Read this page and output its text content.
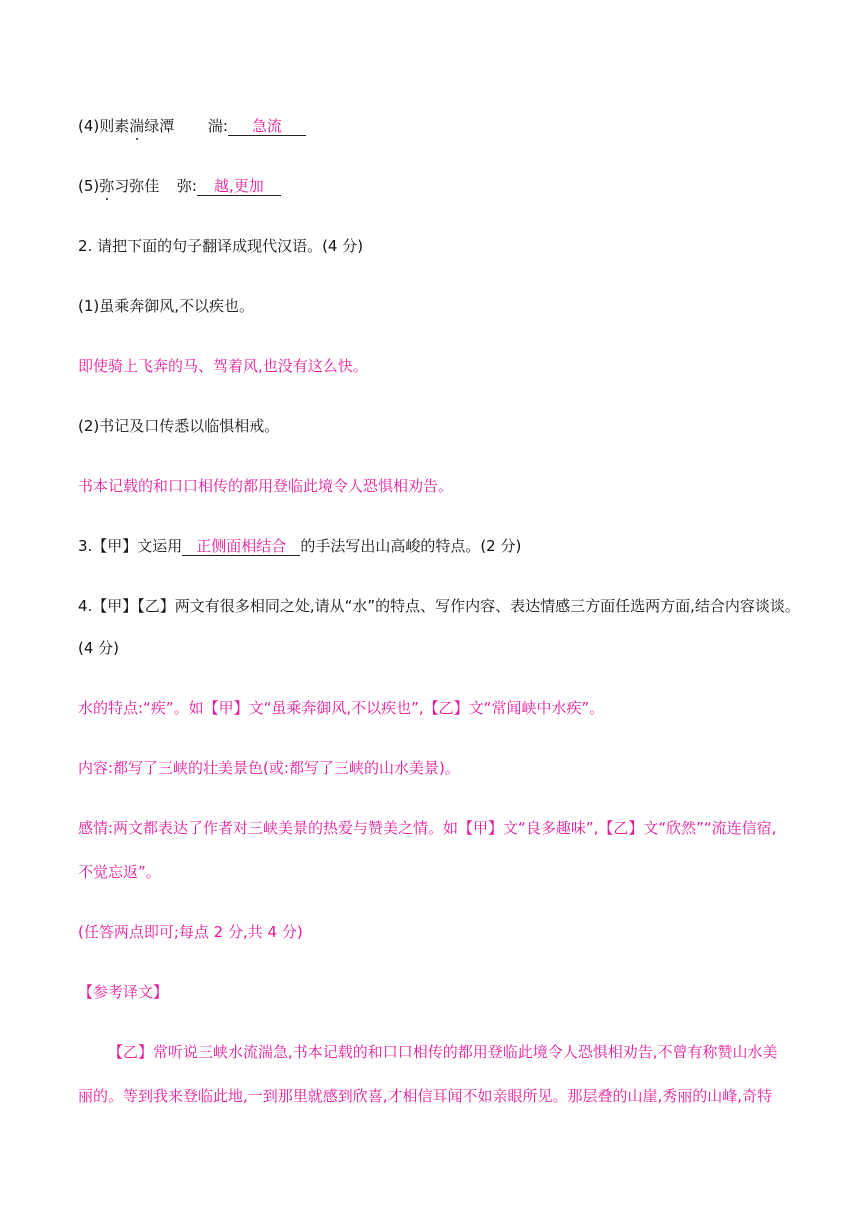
(4)则素湍绿潭 湍: 急流
(5)弥习弥佳 弥: 越,更加
2. 请把下面的句子翻译成现代汉语。(4 分)
(1)虽乘奔御风,不以疾也。
即使骑上飞奔的马、驾着风,也没有这么快。
(2)书记及口传悉以临惧相戒。
书本记载的和口口相传的都用登临此境令人恐惧相劝告。
3.【甲】文运用 正侧面相结合 的手法写出山高峻的特点。(2 分)
4.【甲】【乙】两文有很多相同之处,请从“水”的特点、写作内容、表达情感三方面任选两方面,结合内容谈谈。
(4 分)
水的特点:“疾”。如【甲】文“虽乘奔御风,不以疾也”,【乙】文“常闻峡中水疾”。
内容:都写了三峡的壮美景色(或:都写了三峡的山水美景)。
感情:两文都表达了作者对三峡美景的热爱与赞美之情。如【甲】文“良多趣味”,【乙】文“欣然”“流连信宿,
不觉忘返”。
(任答两点即可;每点 2 分,共 4 分)
【参考译文】
【乙】常听说三峡水流湍急,书本记载的和口口相传的都用登临此境令人恐惧相劝告,不曾有称赞山水美
丽的。等到我来登临此地,一到那里就感到欣喜,才相信耳闻不如亲眼所见。那层叠的山崖,秀丽的山峰,奇特
